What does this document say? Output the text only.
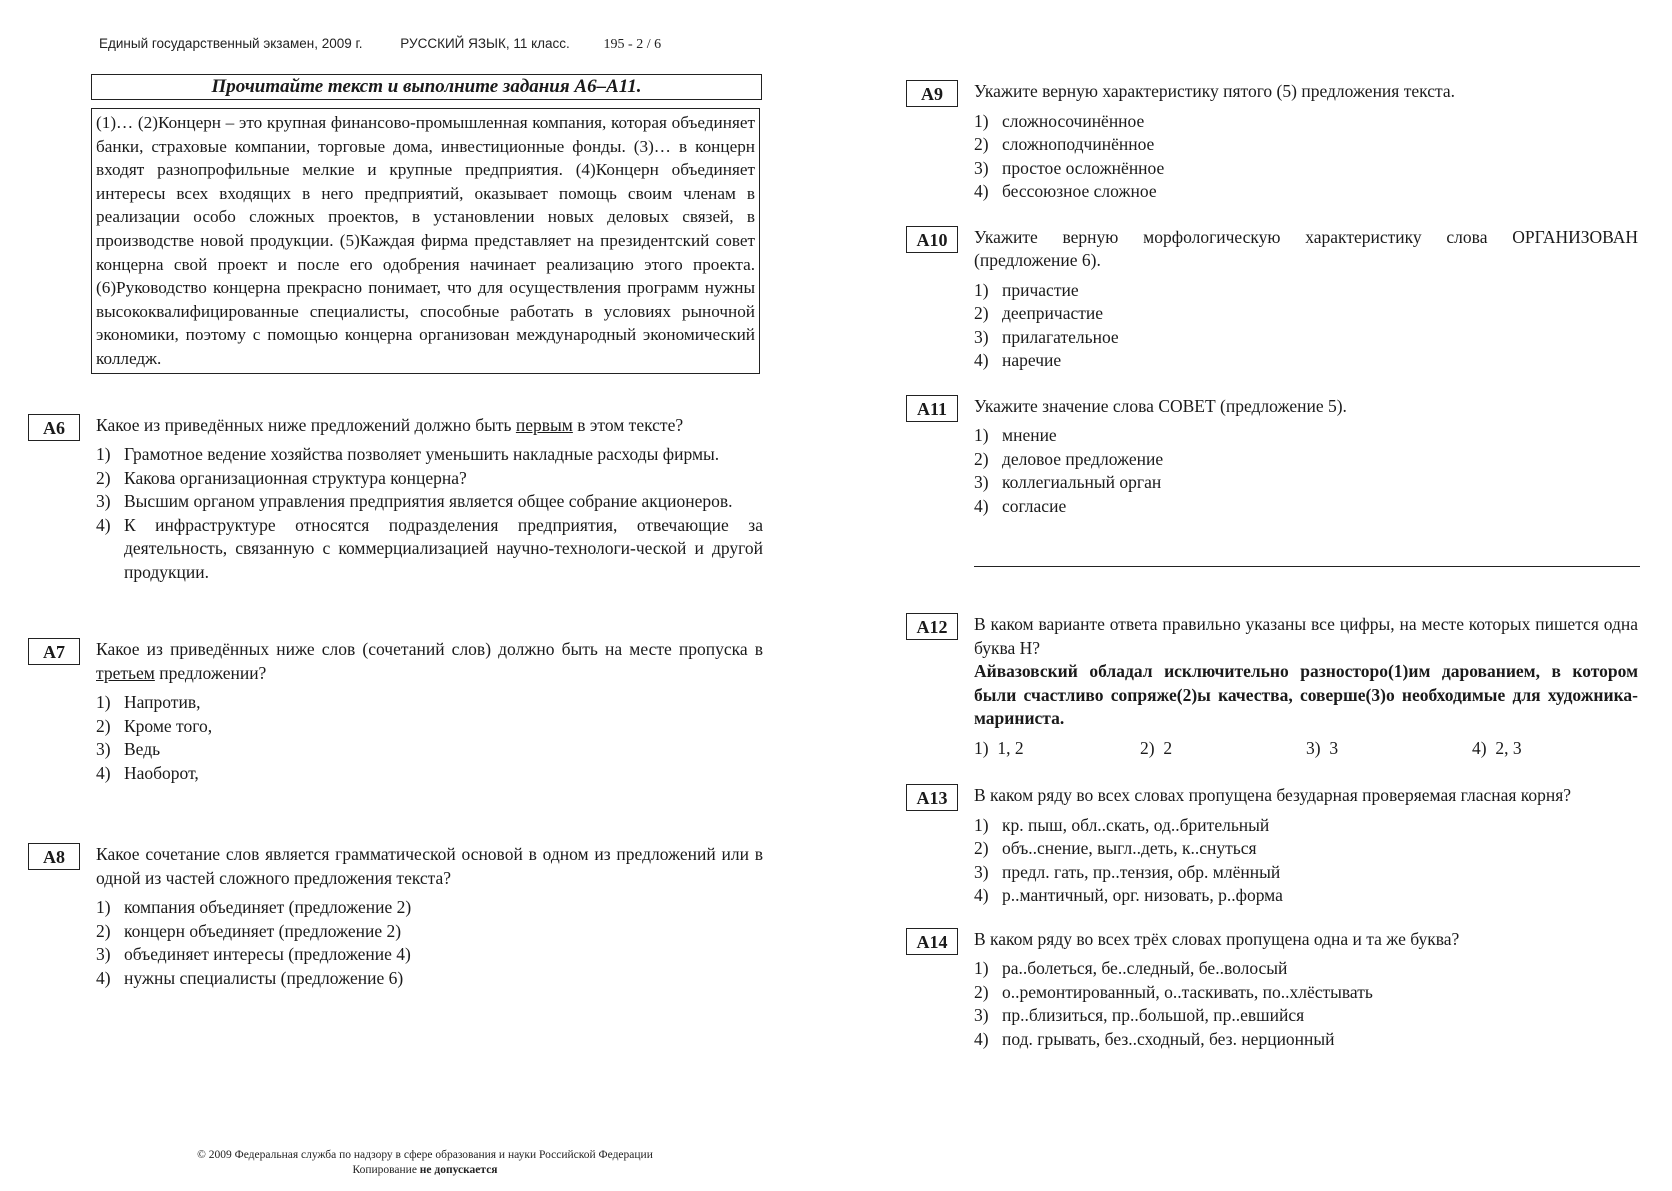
Единый государственный экзамен, 2009 г.	РУССКИЙ ЯЗЫК, 11 класс. 195 - 2 / 6
Прочитайте текст и выполните задания А6–А11.
(1)… (2)Концерн – это крупная финансово-промышленная компания, которая объединяет банки, страховые компании, торговые дома, инвестиционные фонды. (3)… в концерн входят разнопрофильные мелкие и крупные предприятия. (4)Концерн объединяет интересы всех входящих в него предприятий, оказывает помощь своим членам в реализации особо сложных проектов, в установлении новых деловых связей, в производстве новой продукции. (5)Каждая фирма представляет на президентский совет концерна свой проект и после его одобрения начинает реализацию этого проекта. (6)Руководство концерна прекрасно понимает, что для осуществления программ нужны высококвалифицированные специалисты, способные работать в условиях рыночной экономики, поэтому с помощью концерна организован международный экономический колледж.
А6	Какое из приведённых ниже предложений должно быть первым в этом тексте?
1) Грамотное ведение хозяйства позволяет уменьшить накладные расходы фирмы.
2) Какова организационная структура концерна?
3) Высшим органом управления предприятия является общее собрание акционеров.
4) К инфраструктуре относятся подразделения предприятия, отвечающие за деятельность, связанную с коммерциализацией научно-технологи-ческой и другой продукции.
А7	Какое из приведённых ниже слов (сочетаний слов) должно быть на месте пропуска в третьем предложении?
1) Напротив,
2) Кроме того,
3) Ведь
4) Наоборот,
А8	Какое сочетание слов является грамматической основой в одном из предложений или в одной из частей сложного предложения текста?
1) компания объединяет (предложение 2)
2) концерн объединяет (предложение 2)
3) объединяет интересы (предложение 4)
4) нужны специалисты (предложение 6)
А9	Укажите верную характеристику пятого (5) предложения текста.
1) сложносочинённое
2) сложноподчинённое
3) простое осложнённое
4) бессоюзное сложное
А10	Укажите верную морфологическую характеристику слова ОРГАНИЗОВАН (предложение 6).
1) причастие
2) деепричастие
3) прилагательное
4) наречие
А11	Укажите значение слова СОВЕТ (предложение 5).
1) мнение
2) деловое предложение
3) коллегиальный орган
4) согласие
А12	В каком варианте ответа правильно указаны все цифры, на месте которых пишется одна буква Н?
Айвазовский обладал исключительно разносторо(1)им дарованием, в котором были счастливо сопряже(2)ы качества, соверше(3)о необходимые для художника-мариниста.
1) 1, 2	2) 2	3) 3	4) 2, 3
А13	В каком ряду во всех словах пропущена безударная проверяемая гласная корня?
1) кр. пыш, обл..скать, од..брительный
2) объ..снение, выгл..деть, к..снуться
3) предл. гать, пр..тензия, обр. млённый
4) р..мантичный, орг. низовать, р..форма
А14	В каком ряду во всех трёх словах пропущена одна и та же буква?
1) ра..болеться, бе..следный, бе..волосый
2) о..ремонтированный, о..таскивать, по..хлёстывать
3) пр..близиться, пр..большой, пр..евшийся
4) под. грывать, без..сходный, без. нерционный
© 2009 Федеральная служба по надзору в сфере образования и науки Российской Федерации
Копирование не допускается
